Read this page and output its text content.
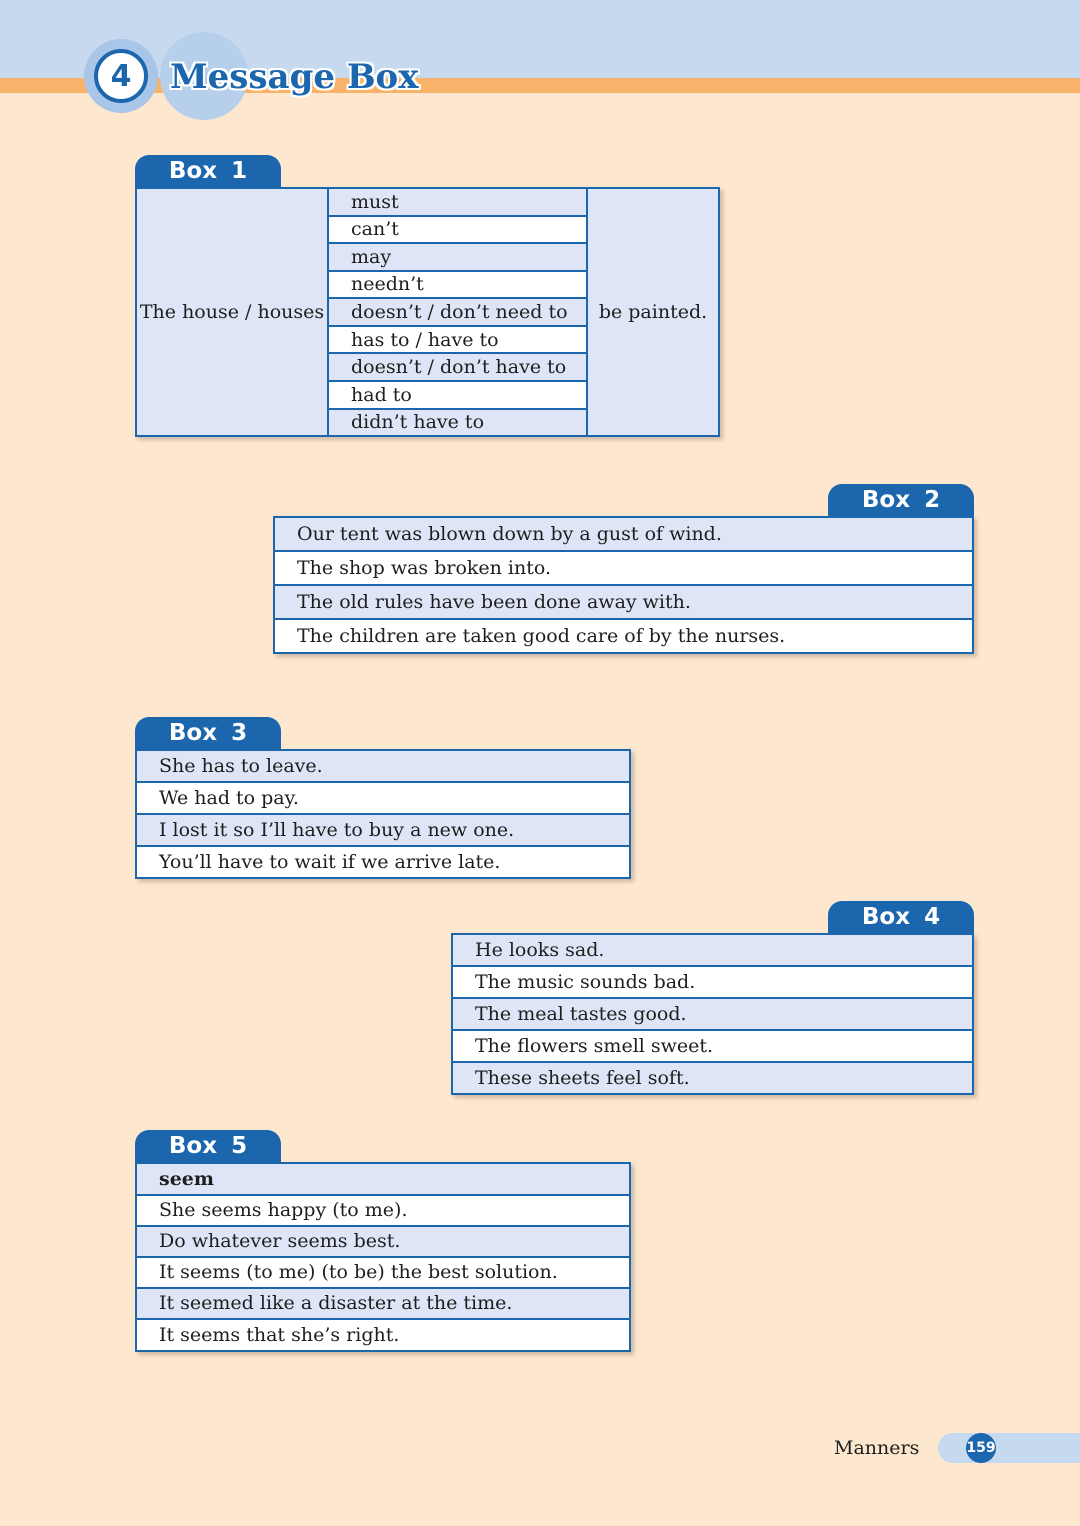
4	Message Box
Box 1
The house / houses
must
can’t
may
needn’t
doesn’t / don’t need to
has to / have to
doesn’t / don’t have to
had to
didn’t have to
be painted.
Box 2
Our tent was blown down by a gust of wind.
The shop was broken into.
The old rules have been done away with.
The children are taken good care of by the nurses.
Box 3
She has to leave.
We had to pay.
I lost it so I’ll have to buy a new one.
You’ll have to wait if we arrive late.
Box 4
He looks sad.
The music sounds bad.
The meal tastes good.
The flowers smell sweet.
These sheets feel soft.
Box 5
seem
She seems happy (to me).
Do whatever seems best.
It seems (to me) (to be) the best solution.
It seemed like a disaster at the time.
It seems that she’s right.
Manners	159
